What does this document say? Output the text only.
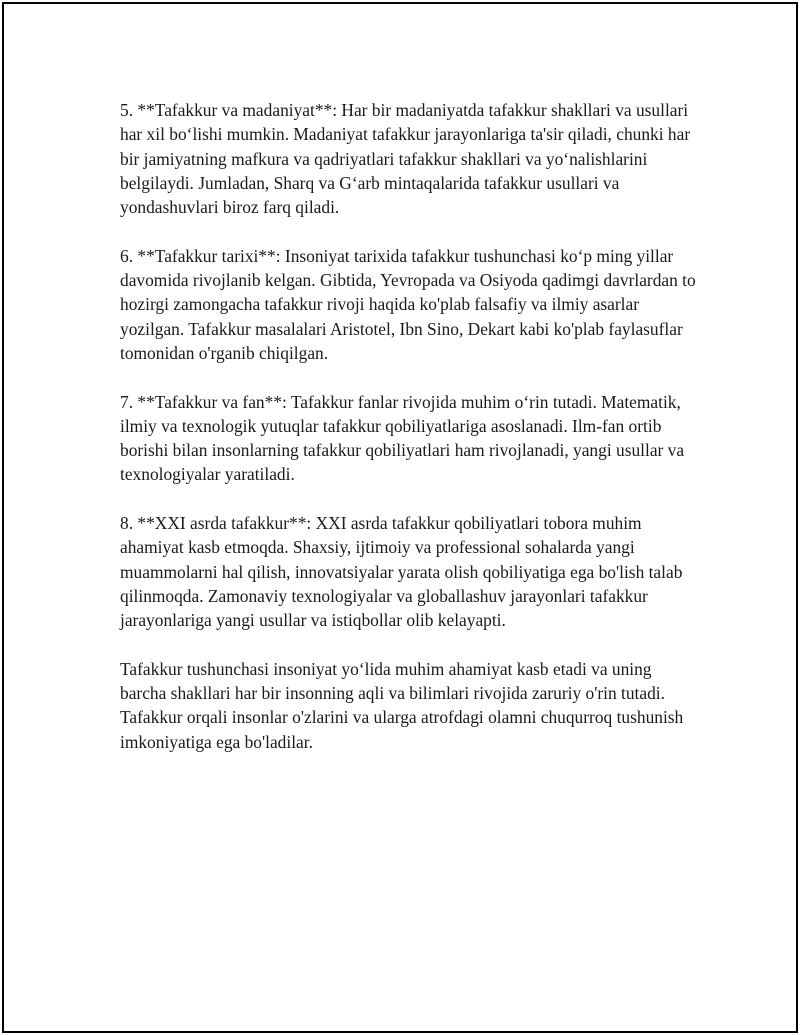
5. **Tafakkur va madaniyat**: Har bir madaniyatda tafakkur shakllari va usullari har xil bo‘lishi mumkin. Madaniyat tafakkur jarayonlariga ta'sir qiladi, chunki har bir jamiyatning mafkura va qadriyatlari tafakkur shakllari va yo‘nalishlarini belgilaydi. Jumladan, Sharq va G‘arb mintaqalarida tafakkur usullari va yondashuvlari biroz farq qiladi.

6. **Tafakkur tarixi**: Insoniyat tarixida tafakkur tushunchasi ko‘p ming yillar davomida rivojlanib kelgan. Gibtida, Yevropada va Osiyoda qadimgi davrlardan to hozirgi zamongacha tafakkur rivoji haqida ko'plab falsafiy va ilmiy asarlar yozilgan. Tafakkur masalalari Aristotel, Ibn Sino, Dekart kabi ko'plab faylasuflar tomonidan o'rganib chiqilgan.

7. **Tafakkur va fan**: Tafakkur fanlar rivojida muhim o‘rin tutadi. Matematik, ilmiy va texnologik yutuqlar tafakkur qobiliyatlariga asoslanadi. Ilm-fan ortib borishi bilan insonlarning tafakkur qobiliyatlari ham rivojlanadi, yangi usullar va texnologiyalar yaratiladi.

8. **XXI asrda tafakkur**: XXI asrda tafakkur qobiliyatlari tobora muhim ahamiyat kasb etmoqda. Shaxsiy, ijtimoiy va professional sohalarda yangi muammolarni hal qilish, innovatsiyalar yarata olish qobiliyatiga ega bo'lish talab qilinmoqda. Zamonaviy texnologiyalar va globallashuv jarayonlari tafakkur jarayonlariga yangi usullar va istiqbollar olib kelayapti.

Tafakkur tushunchasi insoniyat yo‘lida muhim ahamiyat kasb etadi va uning barcha shakllari har bir insonning aqli va bilimlari rivojida zaruriy o'rin tutadi. Tafakkur orqali insonlar o'zlarini va ularga atrofdagi olamni chuqurroq tushunish imkoniyatiga ega bo'ladilar.
